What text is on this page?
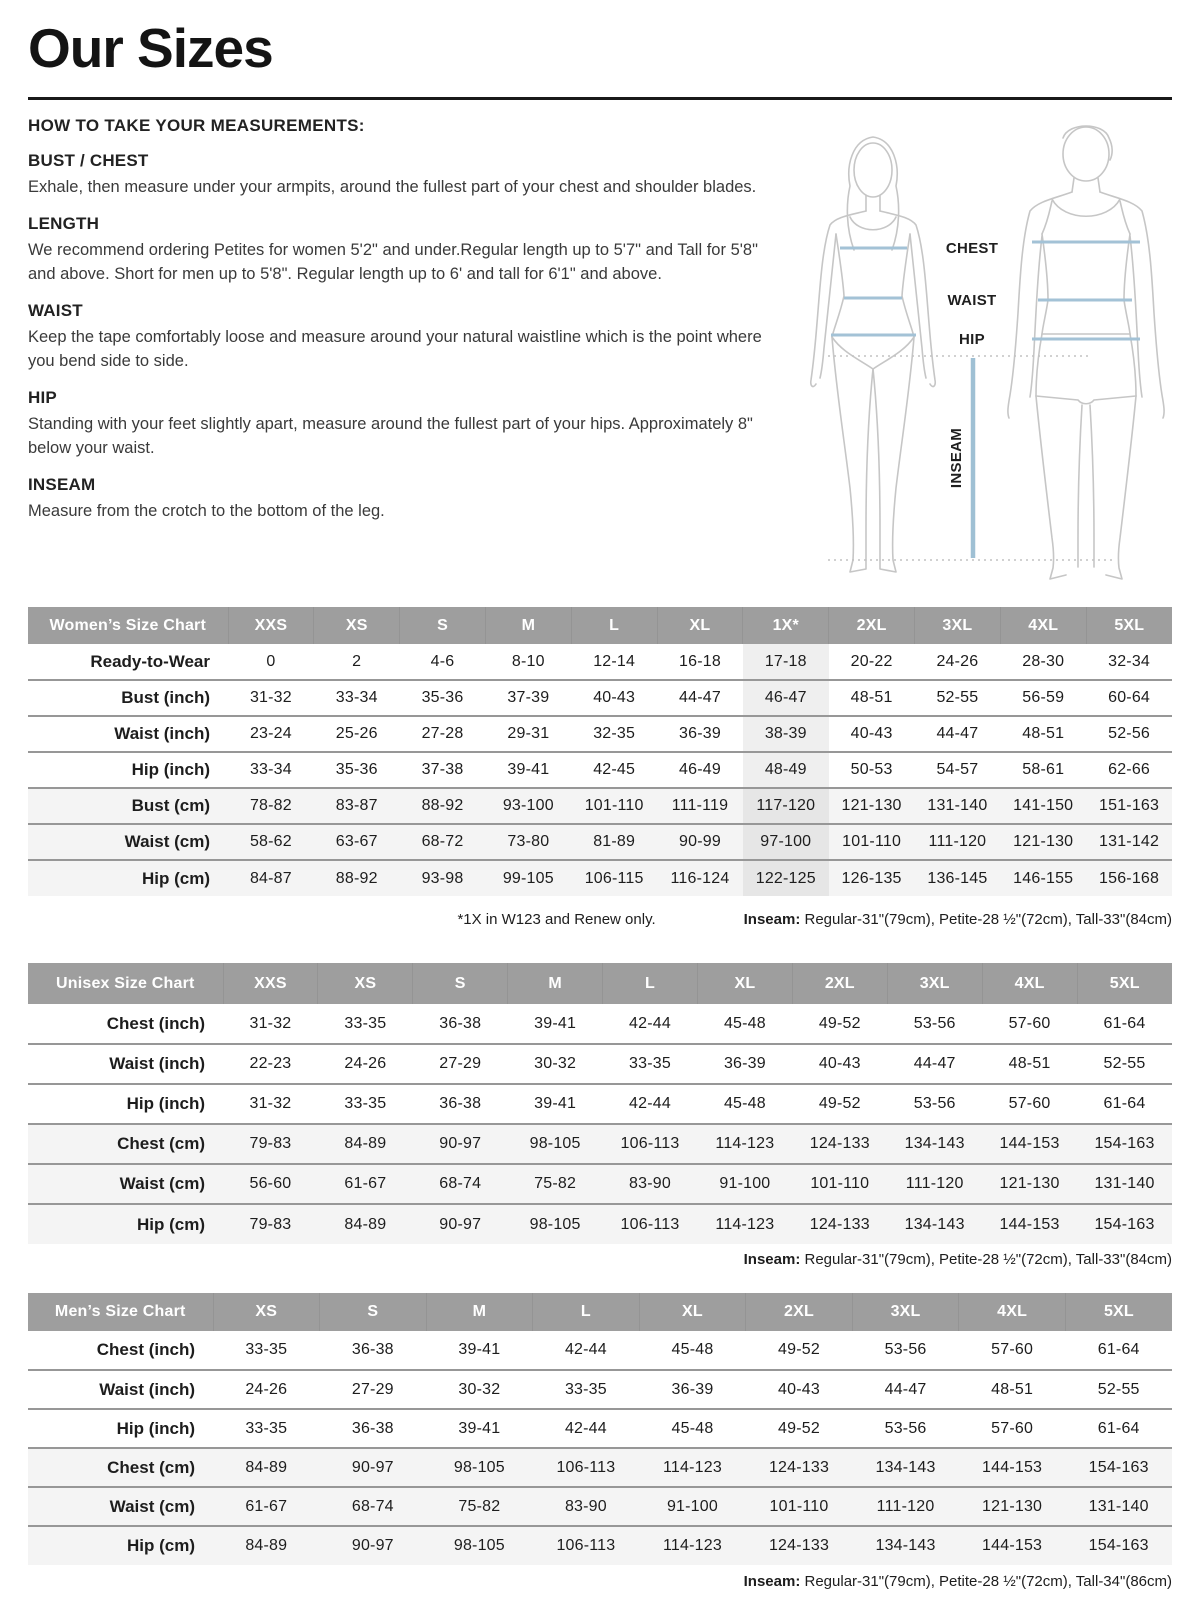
Our Sizes
HOW TO TAKE YOUR MEASUREMENTS:
BUST / CHEST
Exhale, then measure under your armpits, around the fullest part of your chest and shoulder blades.
LENGTH
We recommend ordering Petites for women 5'2" and under.Regular length up to 5'7" and Tall for 5'8" and above. Short for men up to 5'8". Regular length up to 6' and tall for 6'1" and above.
WAIST
Keep the tape comfortably loose and measure around your natural waistline which is the point where you bend side to side.
HIP
Standing with your feet slightly apart, measure around the fullest part of your hips. Approximately 8" below your waist.
INSEAM
Measure from the crotch to the bottom of the leg.
CHEST
WAIST
HIP
INSEAM
Women’s Size Chart	XXS	XS	S	M	L	XL	1X*	2XL	3XL	4XL	5XL
Ready-to-Wear	0	2	4-6	8-10	12-14	16-18	17-18	20-22	24-26	28-30	32-34
Bust (inch)	31-32	33-34	35-36	37-39	40-43	44-47	46-47	48-51	52-55	56-59	60-64
Waist (inch)	23-24	25-26	27-28	29-31	32-35	36-39	38-39	40-43	44-47	48-51	52-56
Hip (inch)	33-34	35-36	37-38	39-41	42-45	46-49	48-49	50-53	54-57	58-61	62-66
Bust (cm)	78-82	83-87	88-92	93-100	101-110	111-119	117-120	121-130	131-140	141-150	151-163
Waist (cm)	58-62	63-67	68-72	73-80	81-89	90-99	97-100	101-110	111-120	121-130	131-142
Hip (cm)	84-87	88-92	93-98	99-105	106-115	116-124	122-125	126-135	136-145	146-155	156-168
*1X in W123 and Renew only.	Inseam: Regular-31"(79cm), Petite-28 ½"(72cm), Tall-33"(84cm)
Unisex Size Chart	XXS	XS	S	M	L	XL	2XL	3XL	4XL	5XL
Chest (inch)	31-32	33-35	36-38	39-41	42-44	45-48	49-52	53-56	57-60	61-64
Waist (inch)	22-23	24-26	27-29	30-32	33-35	36-39	40-43	44-47	48-51	52-55
Hip (inch)	31-32	33-35	36-38	39-41	42-44	45-48	49-52	53-56	57-60	61-64
Chest (cm)	79-83	84-89	90-97	98-105	106-113	114-123	124-133	134-143	144-153	154-163
Waist (cm)	56-60	61-67	68-74	75-82	83-90	91-100	101-110	111-120	121-130	131-140
Hip (cm)	79-83	84-89	90-97	98-105	106-113	114-123	124-133	134-143	144-153	154-163
Inseam: Regular-31"(79cm), Petite-28 ½"(72cm), Tall-33"(84cm)
Men’s Size Chart	XS	S	M	L	XL	2XL	3XL	4XL	5XL
Chest (inch)	33-35	36-38	39-41	42-44	45-48	49-52	53-56	57-60	61-64
Waist (inch)	24-26	27-29	30-32	33-35	36-39	40-43	44-47	48-51	52-55
Hip (inch)	33-35	36-38	39-41	42-44	45-48	49-52	53-56	57-60	61-64
Chest (cm)	84-89	90-97	98-105	106-113	114-123	124-133	134-143	144-153	154-163
Waist (cm)	61-67	68-74	75-82	83-90	91-100	101-110	111-120	121-130	131-140
Hip (cm)	84-89	90-97	98-105	106-113	114-123	124-133	134-143	144-153	154-163
Inseam: Regular-31"(79cm), Petite-28 ½"(72cm), Tall-34"(86cm)
